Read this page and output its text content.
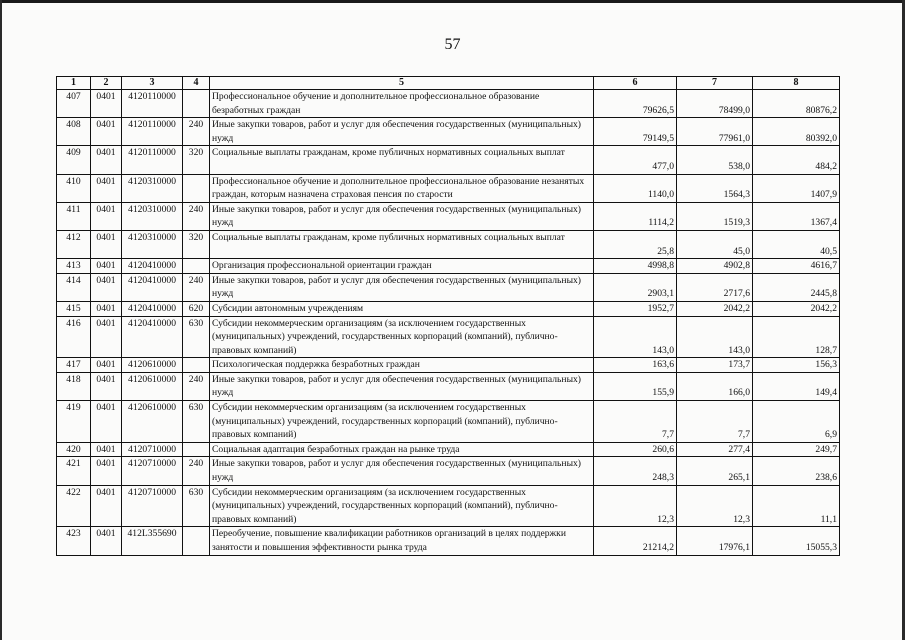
57
1	2	3	4	5	6	7	8
407	0401	4120110000		Профессиональное обучение и дополнительное профессиональное образование безработных граждан	79626,5	78499,0	80876,2
408	0401	4120110000	240	Иные закупки товаров, работ и услуг для обеспечения государственных (муниципальных) нужд	79149,5	77961,0	80392,0
409	0401	4120110000	320	Социальные выплаты гражданам, кроме публичных нормативных социальных выплат	477,0	538,0	484,2
410	0401	4120310000		Профессиональное обучение и дополнительное профессиональное образование незанятых граждан, которым назначена страховая пенсия по старости	1140,0	1564,3	1407,9
411	0401	4120310000	240	Иные закупки товаров, работ и услуг для обеспечения государственных (муниципальных) нужд	1114,2	1519,3	1367,4
412	0401	4120310000	320	Социальные выплаты гражданам, кроме публичных нормативных социальных выплат	25,8	45,0	40,5
413	0401	4120410000		Организация профессиональной ориентации граждан	4998,8	4902,8	4616,7
414	0401	4120410000	240	Иные закупки товаров, работ и услуг для обеспечения государственных (муниципальных) нужд	2903,1	2717,6	2445,8
415	0401	4120410000	620	Субсидии автономным учреждениям	1952,7	2042,2	2042,2
416	0401	4120410000	630	Субсидии некоммерческим организациям (за исключением государственных (муниципальных) учреждений, государственных корпораций (компаний), публично-правовых компаний)	143,0	143,0	128,7
417	0401	4120610000		Психологическая поддержка безработных граждан	163,6	173,7	156,3
418	0401	4120610000	240	Иные закупки товаров, работ и услуг для обеспечения государственных (муниципальных) нужд	155,9	166,0	149,4
419	0401	4120610000	630	Субсидии некоммерческим организациям (за исключением государственных (муниципальных) учреждений, государственных корпораций (компаний), публично-правовых компаний)	7,7	7,7	6,9
420	0401	4120710000		Социальная адаптация безработных граждан на рынке труда	260,6	277,4	249,7
421	0401	4120710000	240	Иные закупки товаров, работ и услуг для обеспечения государственных (муниципальных) нужд	248,3	265,1	238,6
422	0401	4120710000	630	Субсидии некоммерческим организациям (за исключением государственных (муниципальных) учреждений, государственных корпораций (компаний), публично-правовых компаний)	12,3	12,3	11,1
423	0401	412L355690		Переобучение, повышение квалификации работников организаций в целях поддержки занятости и повышения эффективности рынка труда	21214,2	17976,1	15055,3
